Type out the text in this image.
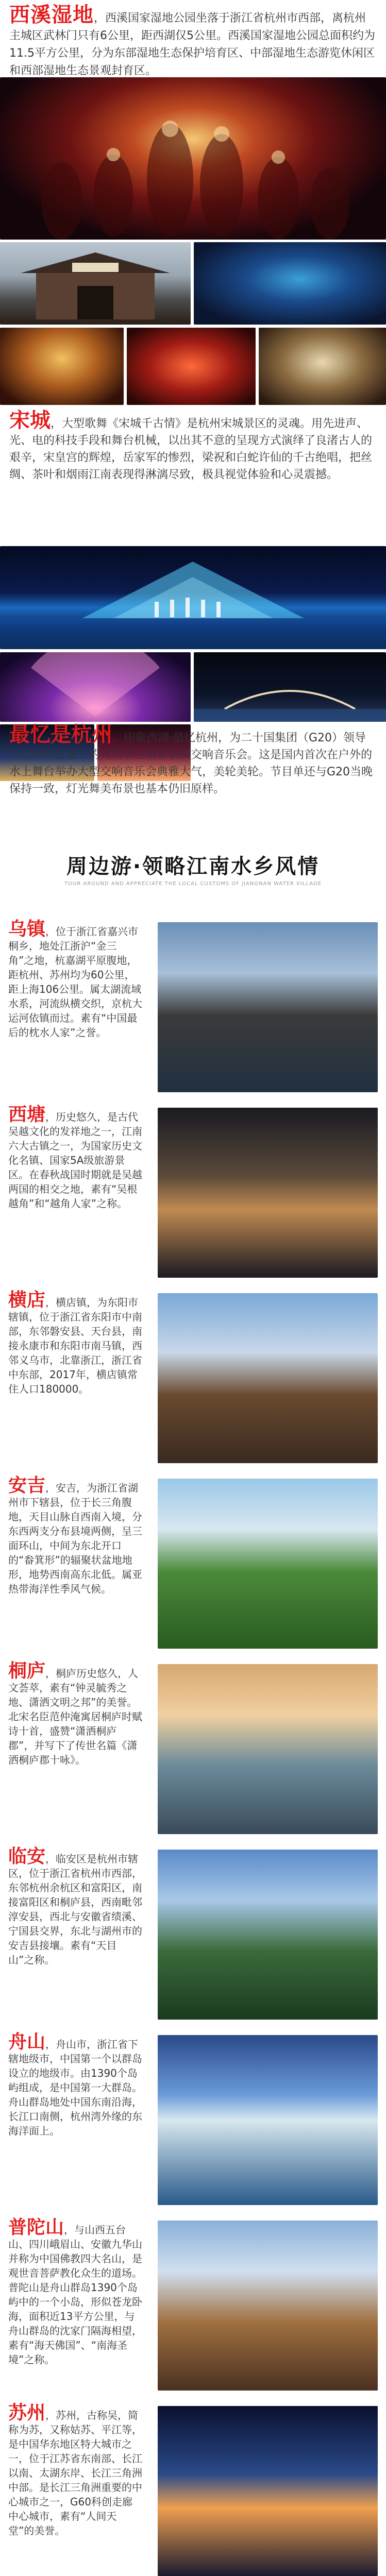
西溪湿地，西溪国家湿地公园坐落于浙江省杭州市西部，离杭州主城区武林门只有6公里，距西湖仅5公里。西溪国家湿地公园总面积约为11.5平方公里，分为东部湿地生态保护培育区、中部湿地生态游览休闲区和西部湿地生态景观封育区。
宋城，大型歌舞《宋城千古情》是杭州宋城景区的灵魂。用先进声、光、电的科技手段和舞台机械，以出其不意的呈现方式演绎了良渚古人的艰辛，宋皇宫的辉煌，岳家军的惨烈，梁祝和白蛇许仙的千古绝唱，把丝绸、茶叶和烟雨江南表现得淋漓尽致，极具视觉体验和心灵震撼。
最忆是杭州，印象西湖·最忆杭州，为二十国集团（G20）领导人杭州峰会量上的大型水上情景表演交响音乐会。这是国内首次在户外的水上舞台举办大型交响音乐会典雅大气，美轮美轮。节目单还与G20当晚保持一致，灯光舞美布景也基本仍旧原样。
周边游·领略江南水乡风情
TOUR AROUND AND APPRECIATE THE LOCAL CUSTOMS OF JIANGNAN WATER VILLAGE
乌镇，位于浙江省嘉兴市桐乡，地处江浙沪“金三角”之地，杭嘉湖平原腹地，距杭州、苏州均为60公里，距上海106公里。属太湖流域水系，河流纵横交织，京杭大运河依镇而过。素有“中国最后的枕水人家”之誉。
西塘，历史悠久，是古代吴越文化的发祥地之一，江南六大古镇之一，为国家历史文化名镇、国家5A级旅游景区。在春秋战国时期就是吴越两国的相交之地，素有“吴根越角”和“越角人家”之称。
横店，横店镇，为东阳市辖镇，位于浙江省东阳市中南部，东邻磐安县、天台县，南接永康市和东阳市南马镇，西邻义乌市，北靠浙江，浙江省中东部，2017年，横店镇常住人口180000。
安吉，安吉，为浙江省湖州市下辖县，位于长三角腹地，天目山脉自西南入境，分东西两支分布县境两侧，呈三面环山，中间为东北开口的“畚箕形”的辐聚状盆地地形，地势西南高东北低。属亚热带海洋性季风气候。
桐庐，桐庐历史悠久，人文荟萃，素有“钟灵毓秀之地、潇洒文明之邦”的美誉。北宋名臣范仲淹寓居桐庐时赋诗十首，盛赞“潇洒桐庐郡”，并写下了传世名篇《潇洒桐庐郡十咏》。
临安，临安区是杭州市辖区，位于浙江省杭州市西部，东邻杭州余杭区和富阳区，南接富阳区和桐庐县，西南毗邻淳安县，西北与安徽省绩溪、宁国县交界，东北与湖州市的安吉县接壤。素有“天目山”之称。
舟山，舟山市，浙江省下辖地级市，中国第一个以群岛设立的地级市。由1390个岛屿组成，是中国第一大群岛。舟山群岛地处中国东南沿海，长江口南侧，杭州湾外缘的东海洋面上。
普陀山，与山西五台山、四川峨眉山、安徽九华山并称为中国佛教四大名山，是观世音菩萨教化众生的道场。普陀山是舟山群岛1390个岛屿中的一个小岛，形似苍龙卧海，面积近13平方公里，与舟山群岛的沈家门隔海相望，素有“海天佛国”、“南海圣境”之称。
苏州，苏州，古称吴，简称为苏，又称姑苏、平江等，是中国华东地区特大城市之一，位于江苏省东南部、长江以南、太湖东岸、长江三角洲中部。是长江三角洲重要的中心城市之一，G60科创走廊中心城市，素有“人间天堂”的美誉。
